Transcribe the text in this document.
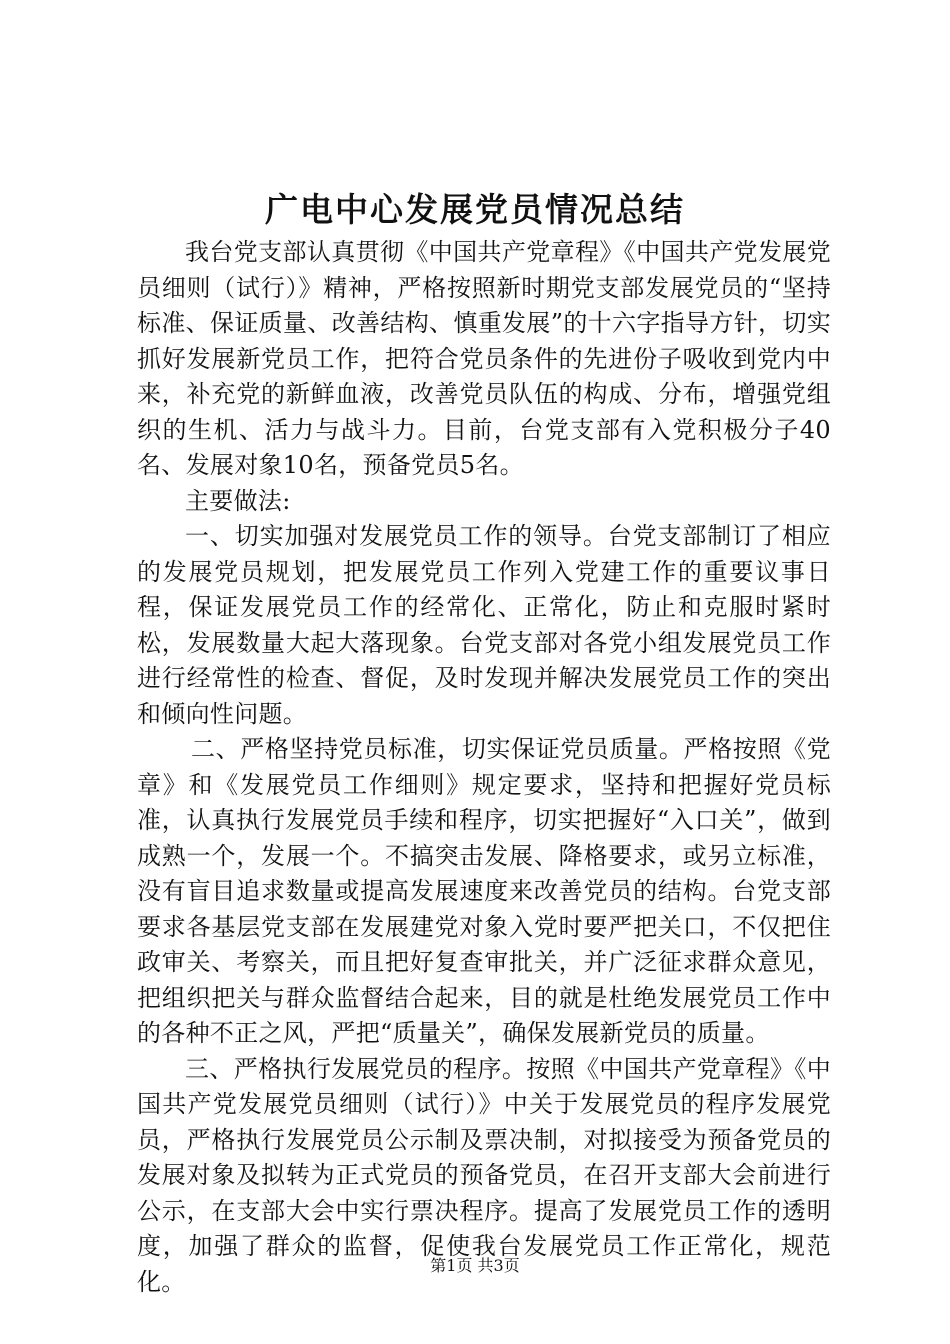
广电中心发展党员情况总结

我台党支部认真贯彻《中国共产党章程》《中国共产党发展党员细则（试行）》精神，严格按照新时期党支部发展党员的“坚持标准、保证质量、改善结构、慎重发展”的十六字指导方针，切实抓好发展新党员工作，把符合党员条件的先进份子吸收到党内中来，补充党的新鲜血液，改善党员队伍的构成、分布，增强党组织的生机、活力与战斗力。目前，台党支部有入党积极分子40名、发展对象10名，预备党员5名。

主要做法:

一、切实加强对发展党员工作的领导。台党支部制订了相应的发展党员规划，把发展党员工作列入党建工作的重要议事日程，保证发展党员工作的经常化、正常化，防止和克服时紧时松，发展数量大起大落现象。台党支部对各党小组发展党员工作进行经常性的检查、督促，及时发现并解决发展党员工作的突出和倾向性问题。

二、严格坚持党员标准，切实保证党员质量。严格按照《党章》和《发展党员工作细则》规定要求，坚持和把握好党员标准，认真执行发展党员手续和程序，切实把握好“入口关”，做到成熟一个，发展一个。不搞突击发展、降格要求，或另立标准，没有盲目追求数量或提高发展速度来改善党员的结构。台党支部要求各基层党支部在发展建党对象入党时要严把关口，不仅把住政审关、考察关，而且把好复查审批关，并广泛征求群众意见，把组织把关与群众监督结合起来，目的就是杜绝发展党员工作中的各种不正之风，严把“质量关”，确保发展新党员的质量。

三、严格执行发展党员的程序。按照《中国共产党章程》《中国共产党发展党员细则（试行）》中关于发展党员的程序发展党员，严格执行发展党员公示制及票决制，对拟接受为预备党员的发展对象及拟转为正式党员的预备党员，在召开支部大会前进行公示，在支部大会中实行票决程序。提高了发展党员工作的透明度，加强了群众的监督，促使我台发展党员工作正常化，规范化。

第1页 共3页
